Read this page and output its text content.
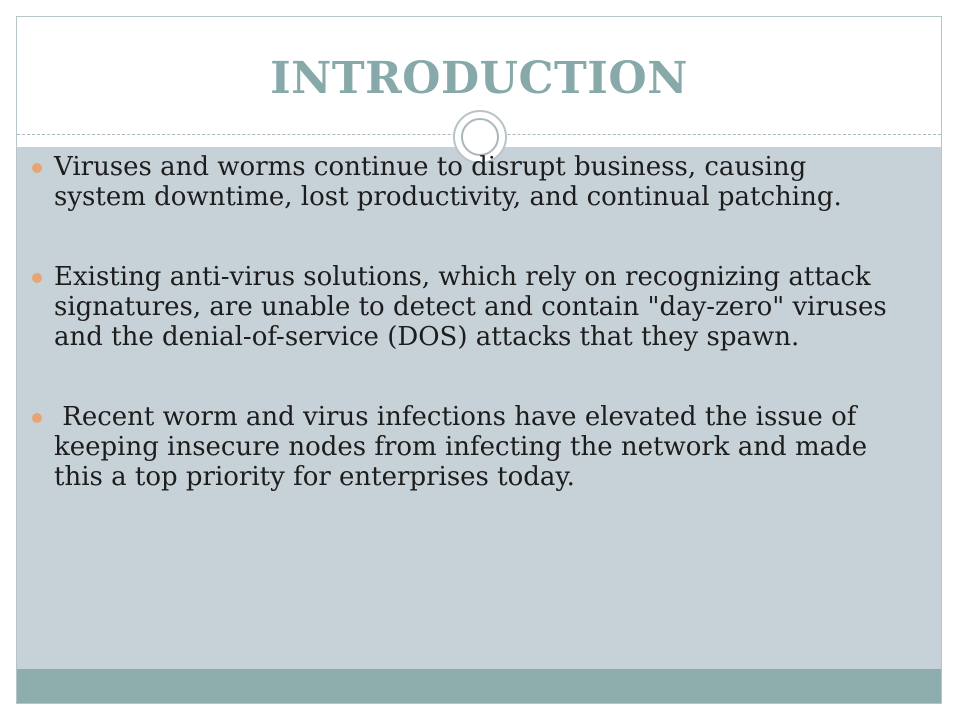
INTRODUCTION
Viruses and worms continue to disrupt business, causing system downtime, lost productivity, and continual patching.
Existing anti-virus solutions, which rely on recognizing attack signatures, are unable to detect and contain "day-zero" viruses and the denial-of-service (DOS) attacks that they spawn.
Recent worm and virus infections have elevated the issue of keeping insecure nodes from infecting the network and made this a top priority for enterprises today.
